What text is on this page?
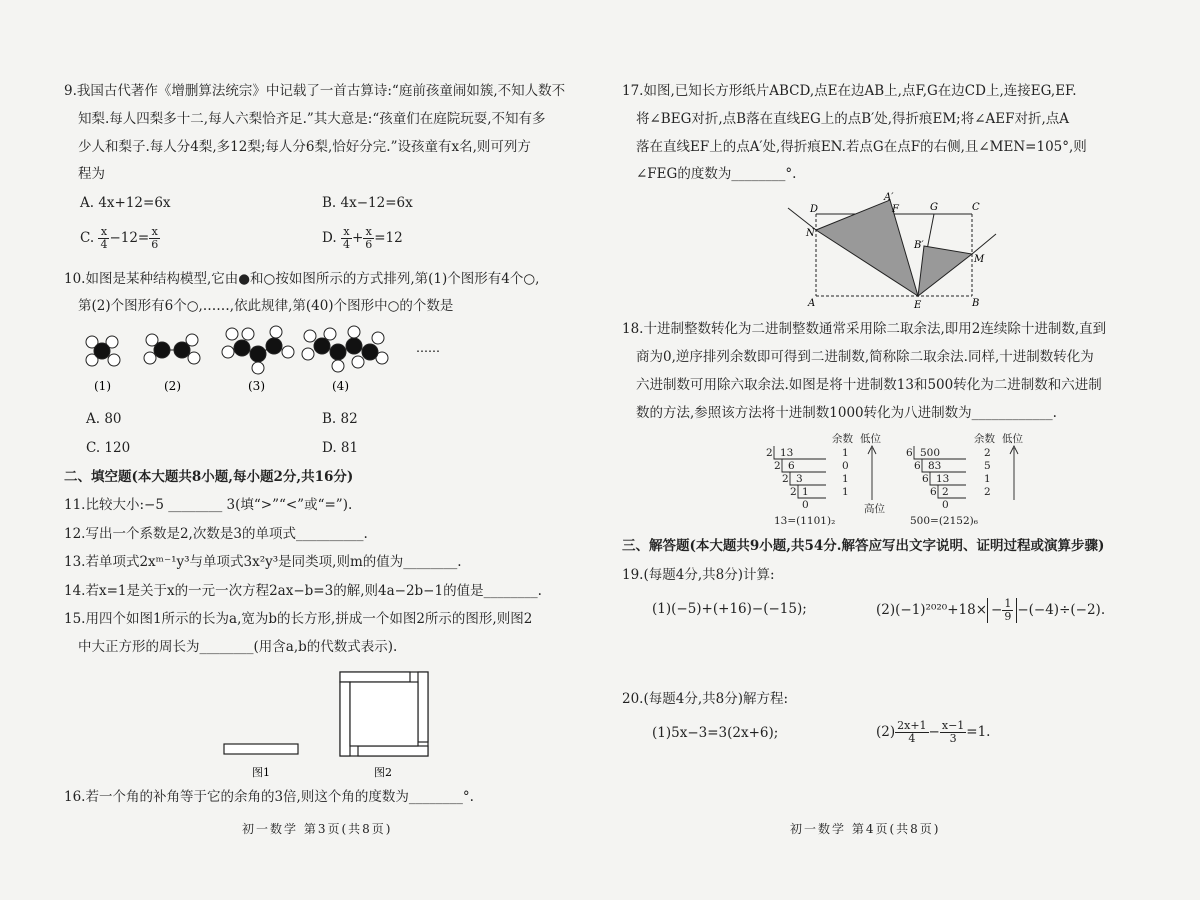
9.我国古代著作《增删算法统宗》中记载了一首古算诗:“庭前孩童闹如簇,不知人数不
知梨.每人四梨多十二,每人六梨恰齐足.”其大意是:“孩童们在庭院玩耍,不知有多
少人和梨子.每人分4梨,多12梨;每人分6梨,恰好分完.”设孩童有x名,则可列方
程为
A. 4x+12=6x	B. 4x−12=6x
C. $\frac{x}{4} -12= \frac{x}{6}$	D. $\frac{x}{4} + \frac{x}{6} =12$
10.如图是某种结构模型,它由●和○按如图所示的方式排列,第(1)个图形有4个○,
第(2)个图形有6个○,……,依此规律,第(40)个图形中○的个数是
……
(1)	(2)	(3)	(4)
A. 80	B. 82
C. 120	D. 81
二、填空题(本大题共8小题,每小题2分,共16分)
11.比较大小:−5 ________ 3(填“>”“<”或“=”).
12.写出一个系数是2,次数是3的单项式__________.
13.若单项式2xᵐ⁻¹y³与单项式3x²y³是同类项,则m的值为________.
14.若x=1是关于x的一元一次方程2ax−b=3的解,则4a−2b−1的值是________.
15.用四个如图1所示的长为a,宽为b的长方形,拼成一个如图2所示的图形,则图2
中大正方形的周长为________(用含a,b的代数式表示).
图1	图2
16.若一个角的补角等于它的余角的3倍,则这个角的度数为________°.
初一数学 第3页(共8页)
17.如图,已知长方形纸片ABCD,点E在边AB上,点F,G在边CD上,连接EG,EF.
将∠BEG对折,点B落在直线EG上的点B′处,得折痕EM;将∠AEF对折,点A
落在直线EF上的点A′处,得折痕EN.若点G在点F的右侧,且∠MEN=105°,则
∠FEG的度数为________°.
D
A′
F	G	C
N
B′
M
A	E	B
18.十进制整数转化为二进制整数通常采用除二取余法,即用2连续除十进制数,直到
商为0,逆序排列余数即可得到二进制数,简称除二取余法.同样,十进制数转化为
六进制数可用除六取余法.如图是将十进制数13和500转化为二进制数和六进制
数的方法,参照该方法将十进制数1000转化为八进制数为____________.
余数 低位
高位
2
2
2
2
13
6
3
1
0
1
0
1
1
13=(1101)₂
余数 低位
6
6
6
6
500
83
13
2
0
2
5
1
2
500=(2152)₆
三、解答题(本大题共9小题,共54分.解答应写出文字说明、证明过程或演算步骤)
19.(每题4分,共8分)计算:
(1)(−5)+(+16)−(−15);	$(2)(-1)^{2020}+18\times - \frac{1}{9} -(-4)\div(-2)$.
20.(每题4分,共8分)解方程:
(1)5x−3=3(2x+6);	$(2) \frac{2x+1}{4} - \frac{x-1}{3} =1$.
初一数学 第4页(共8页)
